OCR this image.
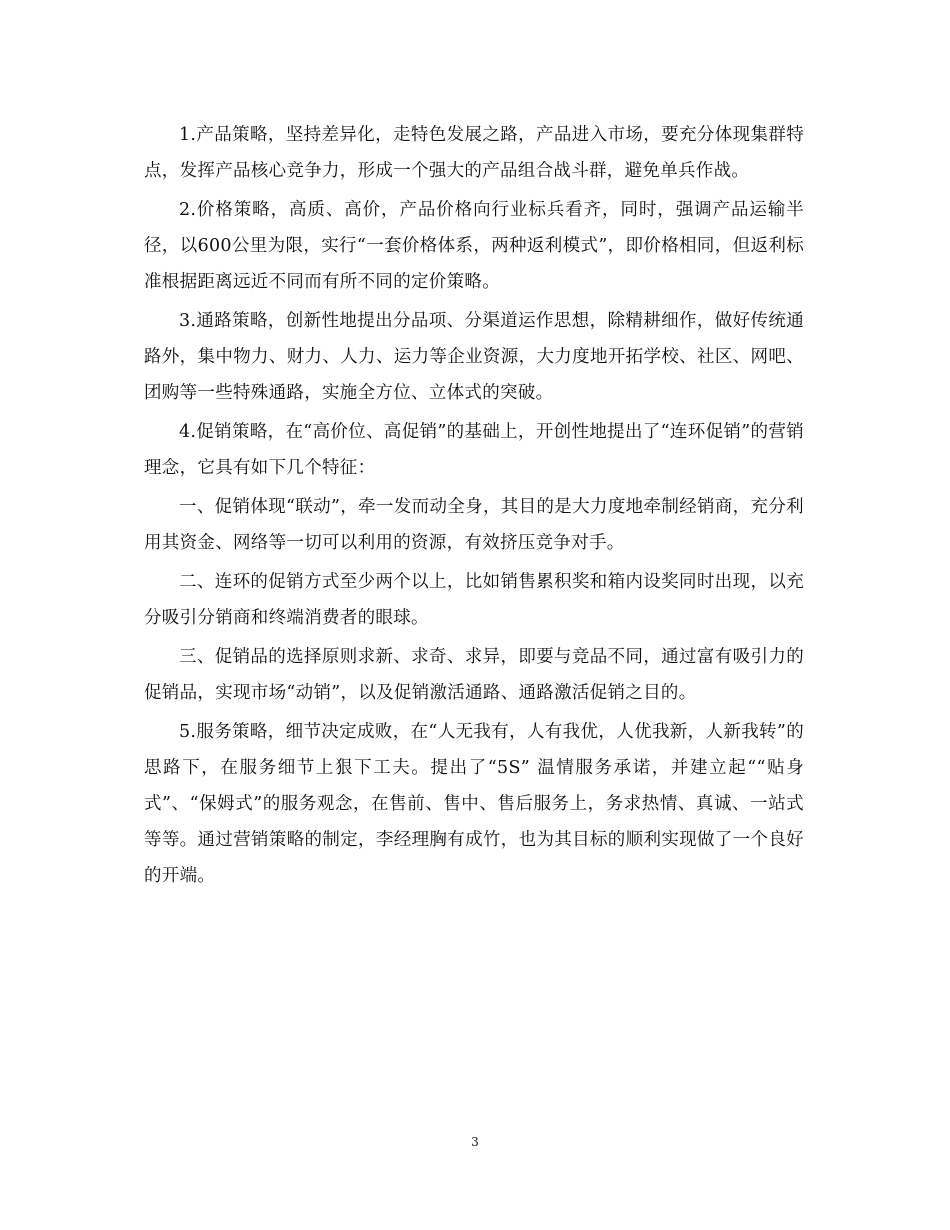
1.产品策略，坚持差异化，走特色发展之路，产品进入市场，要充分体现集群特点，发挥产品核心竞争力，形成一个强大的产品组合战斗群，避免单兵作战。

2.价格策略，高质、高价，产品价格向行业标兵看齐，同时，强调产品运输半径，以600公里为限，实行“一套价格体系，两种返利模式”，即价格相同，但返利标准根据距离远近不同而有所不同的定价策略。

3.通路策略，创新性地提出分品项、分渠道运作思想，除精耕细作，做好传统通路外，集中物力、财力、人力、运力等企业资源，大力度地开拓学校、社区、网吧、团购等一些特殊通路，实施全方位、立体式的突破。

4.促销策略，在“高价位、高促销”的基础上，开创性地提出了“连环促销”的营销理念，它具有如下几个特征：

一、促销体现“联动”，牵一发而动全身，其目的是大力度地牵制经销商，充分利用其资金、网络等一切可以利用的资源，有效挤压竞争对手。

二、连环的促销方式至少两个以上，比如销售累积奖和箱内设奖同时出现，以充分吸引分销商和终端消费者的眼球。

三、促销品的选择原则求新、求奇、求异，即要与竞品不同，通过富有吸引力的促销品，实现市场“动销”，以及促销激活通路、通路激活促销之目的。

5.服务策略，细节决定成败，在“人无我有，人有我优，人优我新，人新我转”的思路下，在服务细节上狠下工夫。提出了“5S” 温情服务承诺，并建立起““贴身式”、“保姆式”的服务观念，在售前、售中、售后服务上，务求热情、真诚、一站式等等。通过营销策略的制定，李经理胸有成竹，也为其目标的顺利实现做了一个良好的开端。

3
